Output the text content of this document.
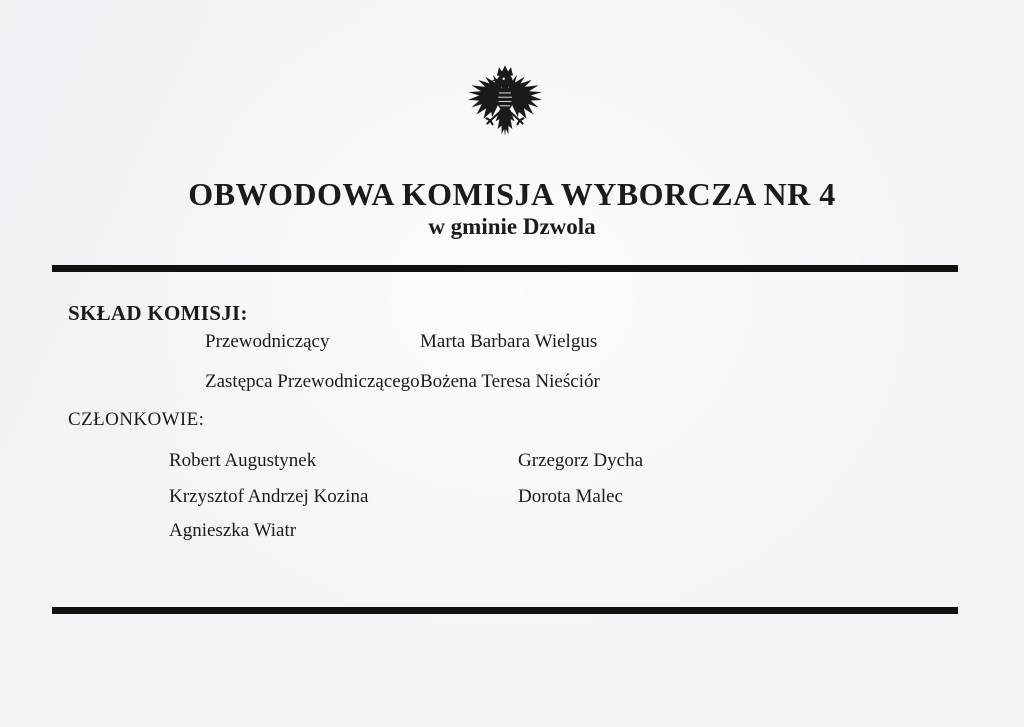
OBWODOWA KOMISJA WYBORCZA NR 4
w gminie Dzwola
SKŁAD KOMISJI:
Przewodniczący	Marta Barbara Wielgus
Zastępca Przewodniczącego Bożena Teresa Nieściór
CZŁONKOWIE:
Robert Augustynek
Krzysztof Andrzej Kozina
Agnieszka Wiatr
Grzegorz Dycha
Dorota Malec
